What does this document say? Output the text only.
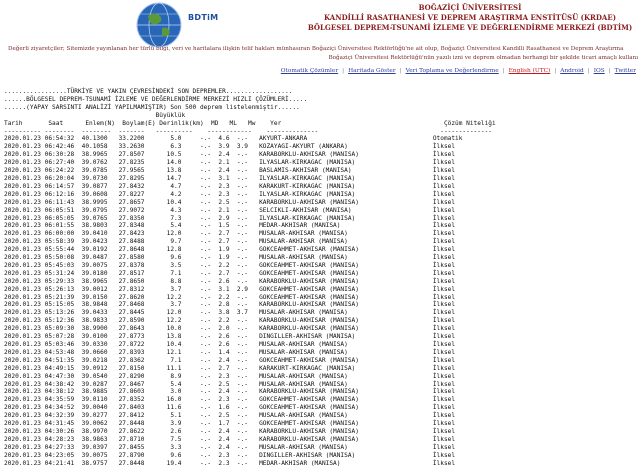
BDTiM
BOĞAZİÇİ ÜNİVERSİTESİ
KANDİLLİ RASATHANESİ VE DEPREM ARAŞTIRMA ENSTİTÜSÜ (KRDAE)
BÖLGESEL DEPREM-TSUNAMİ İZLEME VE DEĞERLENDİRME MERKEZİ (BDTİM)
Değerli ziyaretçiler; Sitemizde yayınlanan her türlü bilgi, veri ve haritalara ilişkin telif hakları münhasıran Boğaziçi Üniversitesi Rektörlüğü'ne ait olup, Boğaziçi Üniversitesi Kandilli Rasathanesi ve Deprem Araştırma
Boğaziçi Üniversitesi Rektörlüğü'nün yazılı izni ve deprem olmadan herhangi bir şekilde ticari amaçlı kullanı
Otomatik Çözümler | Haritada Göster | Veri Toplama ve Değerlendirme | English (UTC) | Android | IOS | Twitter
.................TÜRKİYE VE YAKIN ÇEVRESİNDEKİ SON DEPREMLER..................
......BÖLGESEL DEPREM-TSUNAMİ İZLEME VE DEĞERLENDİRME MERKEZİ HIZLI ÇÖZÜMLERİ.....
......(YAPAY SARSINTI ANALİZİ YAPILMAMIŞTIR) Son 500 deprem listelenmiştir......
Büyüklük
Tarih       Saat      Enlem(N)  Boylam(E) Derinlik(km)  MD   ML   Mw    Yer                                            Çözüm Niteliği
---------- --------  --------  -------   ----------    ------------    --------------                                 --------------
2020.01.23 06:54:32  40.1300   33.2200       5.0     -.-  4.6  -.-   AKYURT-ANKARA                                  Otomatik
2020.01.23 06:42:46  40.1058   33.2630       6.3     -.-  3.9  3.9   KOZAYAGI-AKYURT (ANKARA)                       İlksel
2020.01.23 06:30:28  38.9965   27.8507      10.5     -.-  2.4  -.-   KARABORKLU-AKHISAR (MANISA)                    İlksel
2020.01.23 06:27:40  39.0762   27.8235      14.0     -.-  2.1  -.-   ILYASLAR-KIRKAGAC (MANISA)                     İlksel
2020.01.23 06:24:22  39.0785   27.9565      13.8     -.-  2.4  -.-   BASLAMIS-AKHISAR (MANISA)                      İlksel
2020.01.23 06:20:04  39.0730   27.8295      14.7     -.-  3.1  -.-   ILYASLAR-KIRKAGAC (MANISA)                     İlksel
2020.01.23 06:14:57  39.0877   27.8432       4.7     -.-  2.3  -.-   KARAKURT-KIRKAGAC (MANISA)                     İlksel
2020.01.23 06:12:16  39.0608   27.8227       4.2     -.-  2.3  -.-   ILYASLAR-KIRKAGAC (MANISA)                     İlksel
2020.01.23 06:11:43  38.9995   27.8657      10.4     -.-  2.5  -.-   KARABORKLU-AKHISAR (MANISA)                    İlksel
2020.01.23 06:05:51  39.0795   27.9072       4.3     -.-  2.1  -.-   SELCIKLI-AKHISAR (MANISA)                      İlksel
2020.01.23 06:05:05  39.0765   27.8350       7.3     -.-  2.9  -.-   ILYASLAR-KIRKAGAC (MANISA)                     İlksel
2020.01.23 06:01:55  38.9803   27.8348       5.4     -.-  1.5  -.-   MEDAR-AKHISAR (MANISA)                         İlksel
2020.01.23 06:00:00  39.0410   27.8423      12.0     -.-  2.7  -.-   MUSALAR-AKHISAR (MANISA)                       İlksel
2020.01.23 05:58:39  39.0423   27.8488       9.7     -.-  2.7  -.-   MUSALAR-AKHISAR (MANISA)                       İlksel
2020.01.23 05:55:44  39.0192   27.8648      12.8     -.-  1.9  -.-   GOKCEAHMET-AKHISAR (MANISA)                    İlksel
2020.01.23 05:50:08  39.0487   27.8580       9.6     -.-  1.9  -.-   MUSALAR-AKHISAR (MANISA)                       İlksel
2020.01.23 05:45:03  39.0075   27.8378       3.5     -.-  2.2  -.-   GOKCEAHMET-AKHISAR (MANISA)                    İlksel
2020.01.23 05:31:24  39.0180   27.8517       7.1     -.-  2.7  -.-   GOKCEAHMET-AKHISAR (MANISA)                    İlksel
2020.01.23 05:29:33  38.9965   27.8650       8.8     -.-  2.6  -.-   KARABORKLU-AKHISAR (MANISA)                    İlksel
2020.01.23 05:26:13  39.0012   27.8312       3.7     -.-  3.1  2.9   GOKCEAHMET-AKHISAR (MANISA)                    İlksel
2020.01.23 05:21:39  39.0150   27.8620      12.2     -.-  2.2  -.-   GOKCEAHMET-AKHISAR (MANISA)                    İlksel
2020.01.23 05:15:05  38.9848   27.8468       3.7     -.-  2.8  -.-   KARABORKLU-AKHISAR (MANISA)                    İlksel
2020.01.23 05:13:26  39.0433   27.8445      12.0     -.-  3.8  3.7   MUSALAR-AKHISAR (MANISA)                       İlksel
2020.01.23 05:12:36  38.9833   27.8590      12.2     -.-  2.2  -.-   KARABORKLU-AKHISAR (MANISA)                    İlksel
2020.01.23 05:09:30  38.9900   27.8643      10.0     -.-  2.0  -.-   KARABORKLU-AKHISAR (MANISA)                    İlksel
2020.01.23 05:07:28  39.0100   27.8773      13.8     -.-  2.6  -.-   DINGILLER-AKHISAR (MANISA)                     İlksel
2020.01.23 05:03:46  39.0330   27.8722      10.4     -.-  2.6  -.-   MUSALAR-AKHISAR (MANISA)                       İlksel
2020.01.23 04:53:48  39.0660   27.8393      12.1     -.-  1.4  -.-   MUSALAR-AKHISAR (MANISA)                       İlksel
2020.01.23 04:51:35  39.0218   27.8362       7.1     -.-  2.4  -.-   GOKCEAHMET-AKHISAR (MANISA)                    İlksel
2020.01.23 04:49:15  39.0912   27.8150      11.1     -.-  2.7  -.-   KARAKURT-KIRKAGAC (MANISA)                     İlksel
2020.01.23 04:47:30  39.0540   27.8290       8.9     -.-  2.3  -.-   MUSALAR-AKHISAR (MANISA)                       İlksel
2020.01.23 04:38:42  39.0287   27.8467       5.4     -.-  2.5  -.-   MUSALAR-AKHISAR (MANISA)                       İlksel
2020.01.23 04:38:12  38.9885   27.8603       3.0     -.-  2.4  -.-   KARABORKLU-AKHISAR (MANISA)                    İlksel
2020.01.23 04:35:59  39.0110   27.8352      16.0     -.-  2.3  -.-   GOKCEAHMET-AKHISAR (MANISA)                    İlksel
2020.01.23 04:34:52  39.0040   27.8403      11.6     -.-  1.6  -.-   GOKCEAHMET-AKHISAR (MANISA)                    İlksel
2020.01.23 04:32:39  39.0277   27.8412       5.1     -.-  2.5  -.-   MUSALAR-AKHISAR (MANISA)                       İlksel
2020.01.23 04:31:45  39.0062   27.8448       3.9     -.-  1.7  -.-   GOKCEAHMET-AKHISAR (MANISA)                    İlksel
2020.01.23 04:30:26  38.9970   27.8622       2.6     -.-  2.4  -.-   KARABORKLU-AKHISAR (MANISA)                    İlksel
2020.01.23 04:28:23  38.9863   27.8710       7.5     -.-  2.4  -.-   KARABORKLU-AKHISAR (MANISA)                    İlksel
2020.01.23 04:27:33  39.0397   27.8455       3.3     -.-  2.4  -.-   MUSALAR-AKHISAR (MANISA)                       İlksel
2020.01.23 04:23:05  39.0075   27.8790       9.6     -.-  2.3  -.-   DINGILLER-AKHISAR (MANISA)                     İlksel
2020.01.23 04:21:41  38.9757   27.8448      19.4     -.-  2.3  -.-   MEDAR-AKHISAR (MANISA)                         İlksel
